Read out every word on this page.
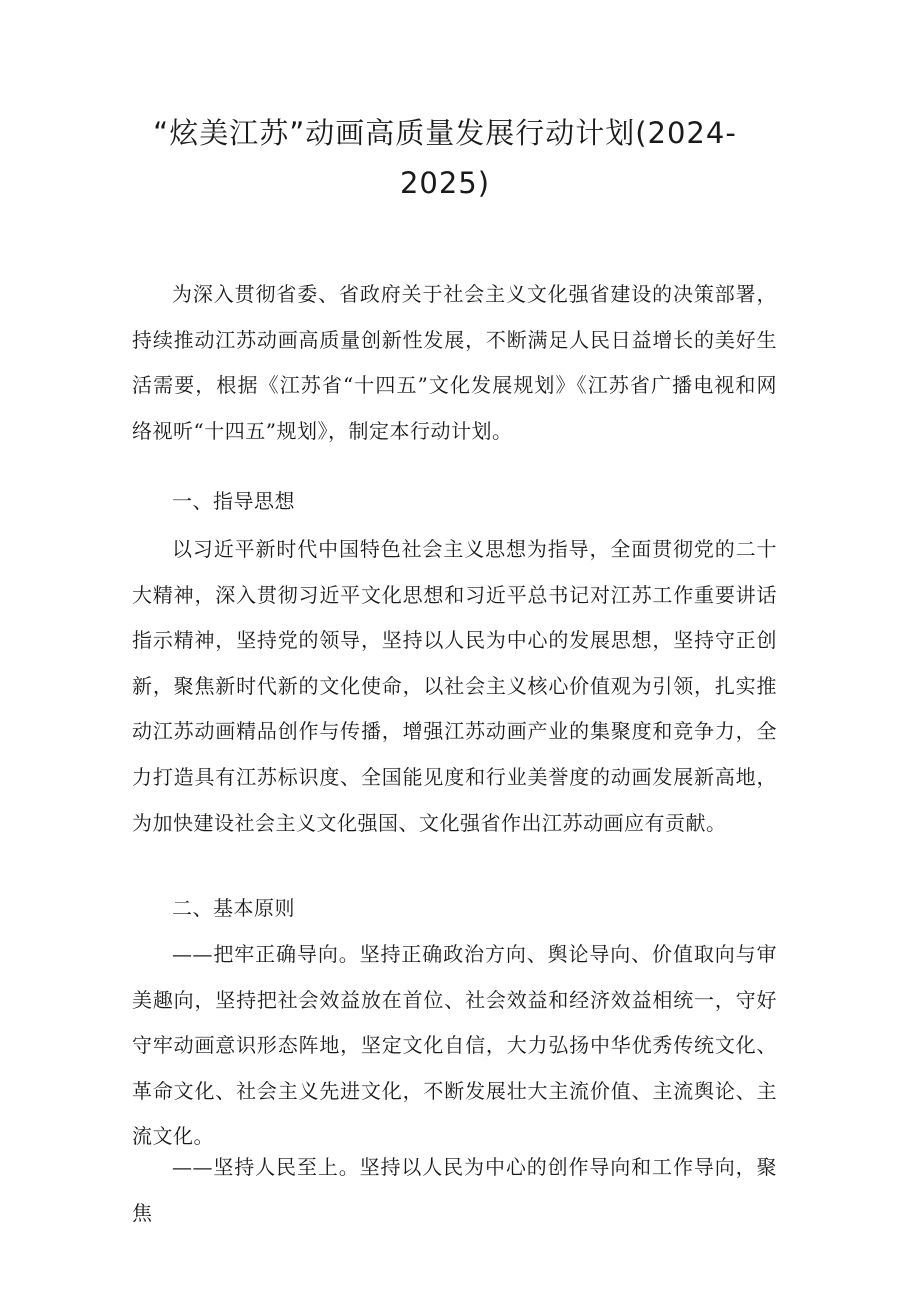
“炫美江苏”动画高质量发展行动计划(2024-
2025)

为深入贯彻省委、省政府关于社会主义文化强省建设的决策部署，持续推动江苏动画高质量创新性发展，不断满足人民日益增长的美好生活需要，根据《江苏省“十四五”文化发展规划》《江苏省广播电视和网络视听“十四五”规划》，制定本行动计划。

一、指导思想

以习近平新时代中国特色社会主义思想为指导，全面贯彻党的二十大精神，深入贯彻习近平文化思想和习近平总书记对江苏工作重要讲话指示精神，坚持党的领导，坚持以人民为中心的发展思想，坚持守正创新，聚焦新时代新的文化使命，以社会主义核心价值观为引领，扎实推动江苏动画精品创作与传播，增强江苏动画产业的集聚度和竞争力，全力打造具有江苏标识度、全国能见度和行业美誉度的动画发展新高地，为加快建设社会主义文化强国、文化强省作出江苏动画应有贡献。

二、基本原则

——把牢正确导向。坚持正确政治方向、舆论导向、价值取向与审美趣向，坚持把社会效益放在首位、社会效益和经济效益相统一，守好守牢动画意识形态阵地，坚定文化自信，大力弘扬中华优秀传统文化、革命文化、社会主义先进文化，不断发展壮大主流价值、主流舆论、主流文化。

——坚持人民至上。坚持以人民为中心的创作导向和工作导向，聚焦
